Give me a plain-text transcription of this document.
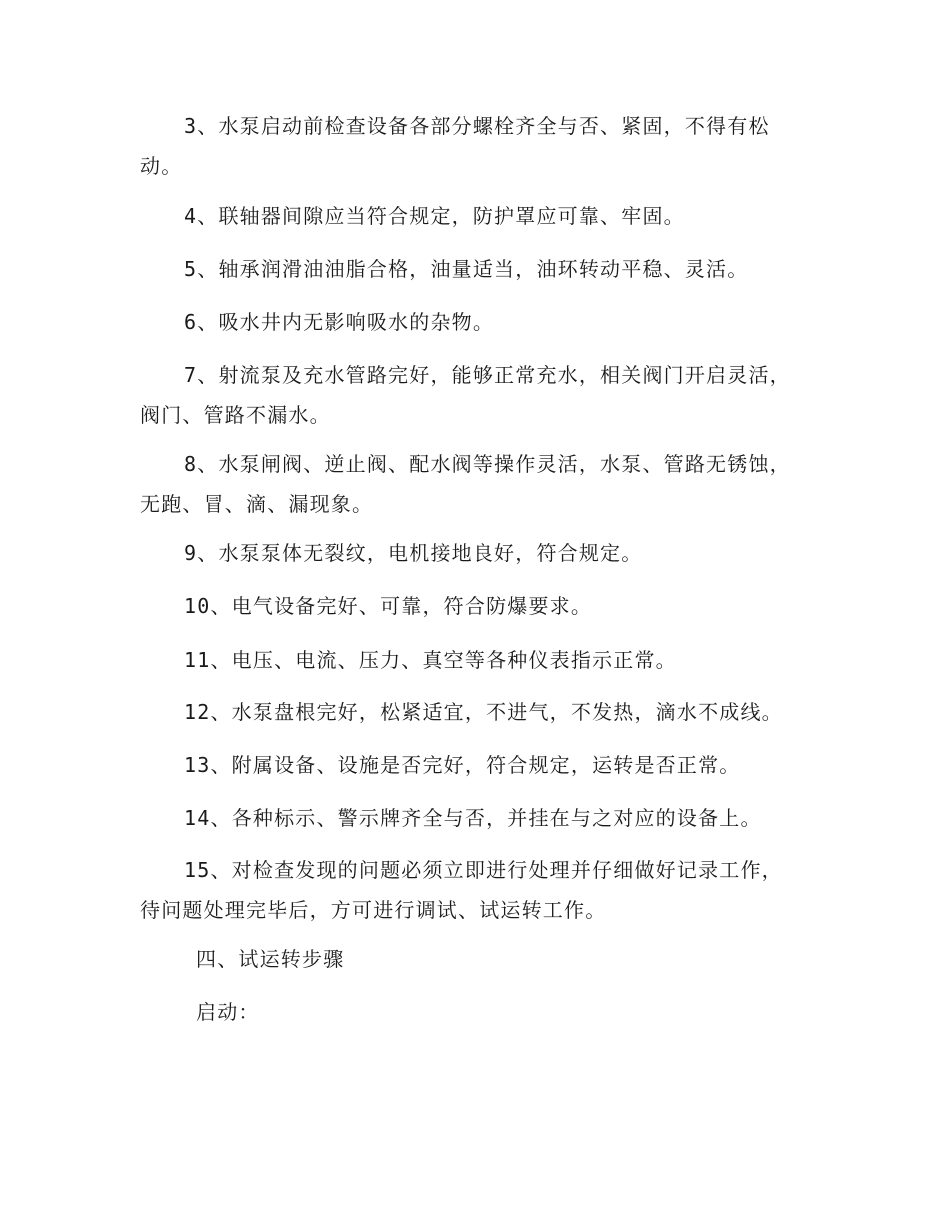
3、水泵启动前检查设备各部分螺栓齐全与否、紧固，不得有松动。

4、联轴器间隙应当符合规定，防护罩应可靠、牢固。

5、轴承润滑油油脂合格，油量适当，油环转动平稳、灵活。

6、吸水井内无影响吸水的杂物。

7、射流泵及充水管路完好，能够正常充水，相关阀门开启灵活，阀门、管路不漏水。

8、水泵闸阀、逆止阀、配水阀等操作灵活，水泵、管路无锈蚀，无跑、冒、滴、漏现象。

9、水泵泵体无裂纹，电机接地良好，符合规定。

10、电气设备完好、可靠，符合防爆要求。

11、电压、电流、压力、真空等各种仪表指示正常。

12、水泵盘根完好，松紧适宜，不进气，不发热，滴水不成线。

13、附属设备、设施是否完好，符合规定，运转是否正常。

14、各种标示、警示牌齐全与否，并挂在与之对应的设备上。

15、对检查发现的问题必须立即进行处理并仔细做好记录工作，待问题处理完毕后，方可进行调试、试运转工作。

四、试运转步骤
启动：
